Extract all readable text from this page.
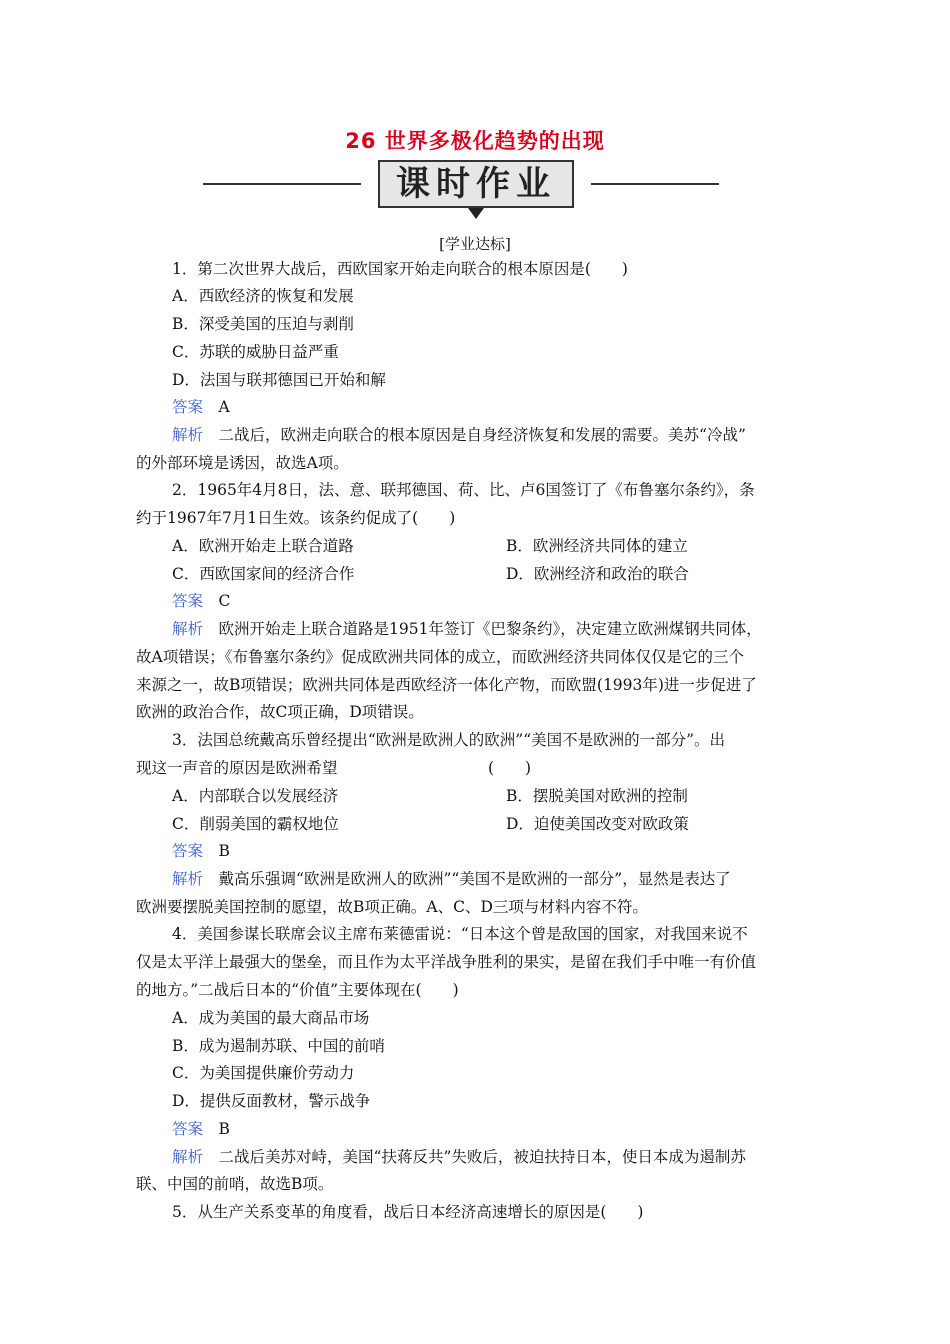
26 世界多极化趋势的出现
课时作业
[学业达标]
1．第二次世界大战后，西欧国家开始走向联合的根本原因是(　　)
A．西欧经济的恢复和发展
B．深受美国的压迫与剥削
C．苏联的威胁日益严重
D．法国与联邦德国已开始和解
答案　 A
解析　 二战后，欧洲走向联合的根本原因是自身经济恢复和发展的需要。美苏“冷战”
的外部环境是诱因，故选A项。
2．1965年4月8日，法、意、联邦德国、荷、比、卢6国签订了《布鲁塞尔条约》，条
约于1967年7月1日生效。该条约促成了(　　)
A．欧洲开始走上联合道路	B．欧洲经济共同体的建立
C．西欧国家间的经济合作	D．欧洲经济和政治的联合
答案　 C
解析　 欧洲开始走上联合道路是1951年签订《巴黎条约》，决定建立欧洲煤钢共同体，
故A项错误；《布鲁塞尔条约》促成欧洲共同体的成立，而欧洲经济共同体仅仅是它的三个
来源之一，故B项错误；欧洲共同体是西欧经济一体化产物，而欧盟(1993年)进一步促进了
欧洲的政治合作，故C项正确，D项错误。
3．法国总统戴高乐曾经提出“欧洲是欧洲人的欧洲”“美国不是欧洲的一部分”。出
现这一声音的原因是欧洲希望	(　　)
A．内部联合以发展经济	B．摆脱美国对欧洲的控制
C．削弱美国的霸权地位	D．迫使美国改变对欧政策
答案　 B
解析　 戴高乐强调“欧洲是欧洲人的欧洲”“美国不是欧洲的一部分”，显然是表达了
欧洲要摆脱美国控制的愿望，故B项正确。A、C、D三项与材料内容不符。
4．美国参谋长联席会议主席布莱德雷说：“日本这个曾是敌国的国家，对我国来说不
仅是太平洋上最强大的堡垒，而且作为太平洋战争胜利的果实，是留在我们手中唯一有价值
的地方。”二战后日本的“价值”主要体现在(　　)
A．成为美国的最大商品市场
B．成为遏制苏联、中国的前哨
C．为美国提供廉价劳动力
D．提供反面教材，警示战争
答案　 B
解析　 二战后美苏对峙，美国“扶蒋反共”失败后，被迫扶持日本，使日本成为遏制苏
联、中国的前哨，故选B项。
5．从生产关系变革的角度看，战后日本经济高速增长的原因是(　　)
